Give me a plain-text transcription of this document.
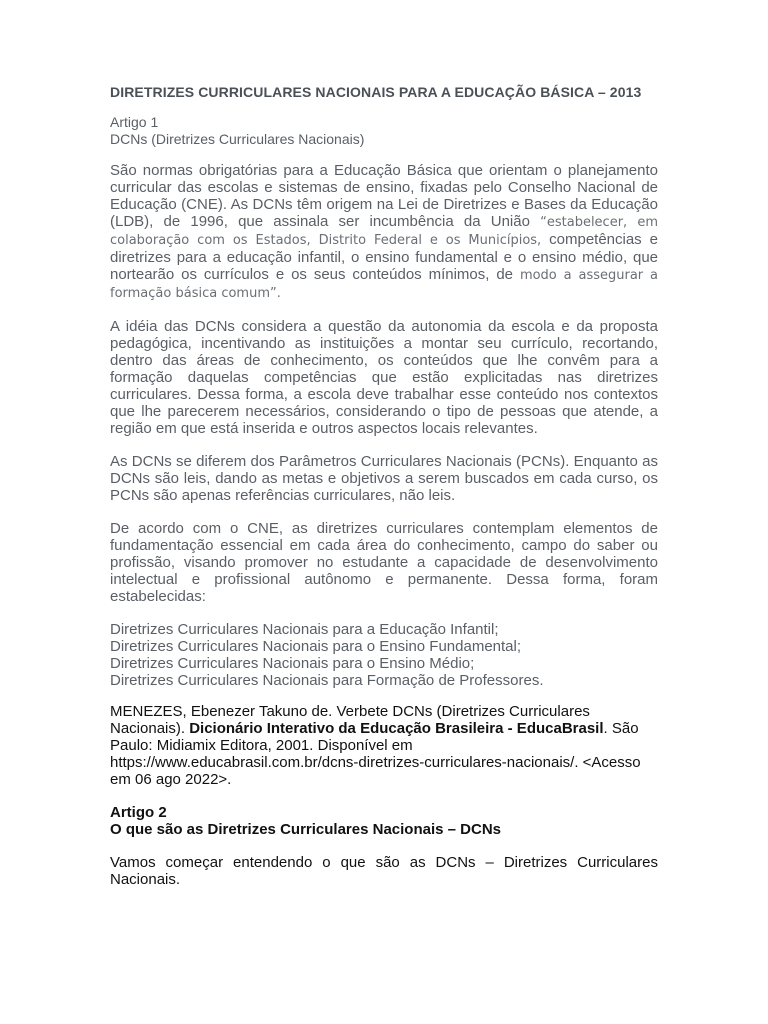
DIRETRIZES CURRICULARES NACIONAIS PARA A EDUCAÇÃO BÁSICA – 2013
Artigo 1
DCNs (Diretrizes Curriculares Nacionais)

São normas obrigatórias para a Educação Básica que orientam o planejamento curricular das escolas e sistemas de ensino, fixadas pelo Conselho Nacional de Educação (CNE). As DCNs têm origem na Lei de Diretrizes e Bases da Educação (LDB), de 1996, que assinala ser incumbência da União “estabelecer, em colaboração com os Estados, Distrito Federal e os Municípios, competências e diretrizes para a educação infantil, o ensino fundamental e o ensino médio, que nortearão os currículos e os seus conteúdos mínimos, de modo a assegurar a formação básica comum”.

A idéia das DCNs considera a questão da autonomia da escola e da proposta pedagógica, incentivando as instituições a montar seu currículo, recortando, dentro das áreas de conhecimento, os conteúdos que lhe convêm para a formação daquelas competências que estão explicitadas nas diretrizes curriculares. Dessa forma, a escola deve trabalhar esse conteúdo nos contextos que lhe parecerem necessários, considerando o tipo de pessoas que atende, a região em que está inserida e outros aspectos locais relevantes.

As DCNs se diferem dos Parâmetros Curriculares Nacionais (PCNs). Enquanto as DCNs são leis, dando as metas e objetivos a serem buscados em cada curso, os PCNs são apenas referências curriculares, não leis.

De acordo com o CNE, as diretrizes curriculares contemplam elementos de fundamentação essencial em cada área do conhecimento, campo do saber ou profissão, visando promover no estudante a capacidade de desenvolvimento intelectual e profissional autônomo e permanente. Dessa forma, foram estabelecidas:

Diretrizes Curriculares Nacionais para a Educação Infantil;
Diretrizes Curriculares Nacionais para o Ensino Fundamental;
Diretrizes Curriculares Nacionais para o Ensino Médio;
Diretrizes Curriculares Nacionais para Formação de Professores.
MENEZES, Ebenezer Takuno de. Verbete DCNs (Diretrizes Curriculares Nacionais). Dicionário Interativo da Educação Brasileira - EducaBrasil. São Paulo: Midiamix Editora, 2001. Disponível em https://www.educabrasil.com.br/dcns-diretrizes-curriculares-nacionais/. <Acesso em 06 ago 2022>.
Artigo 2
O que são as Diretrizes Curriculares Nacionais – DCNs

Vamos começar entendendo o que são as DCNs – Diretrizes Curriculares Nacionais.
